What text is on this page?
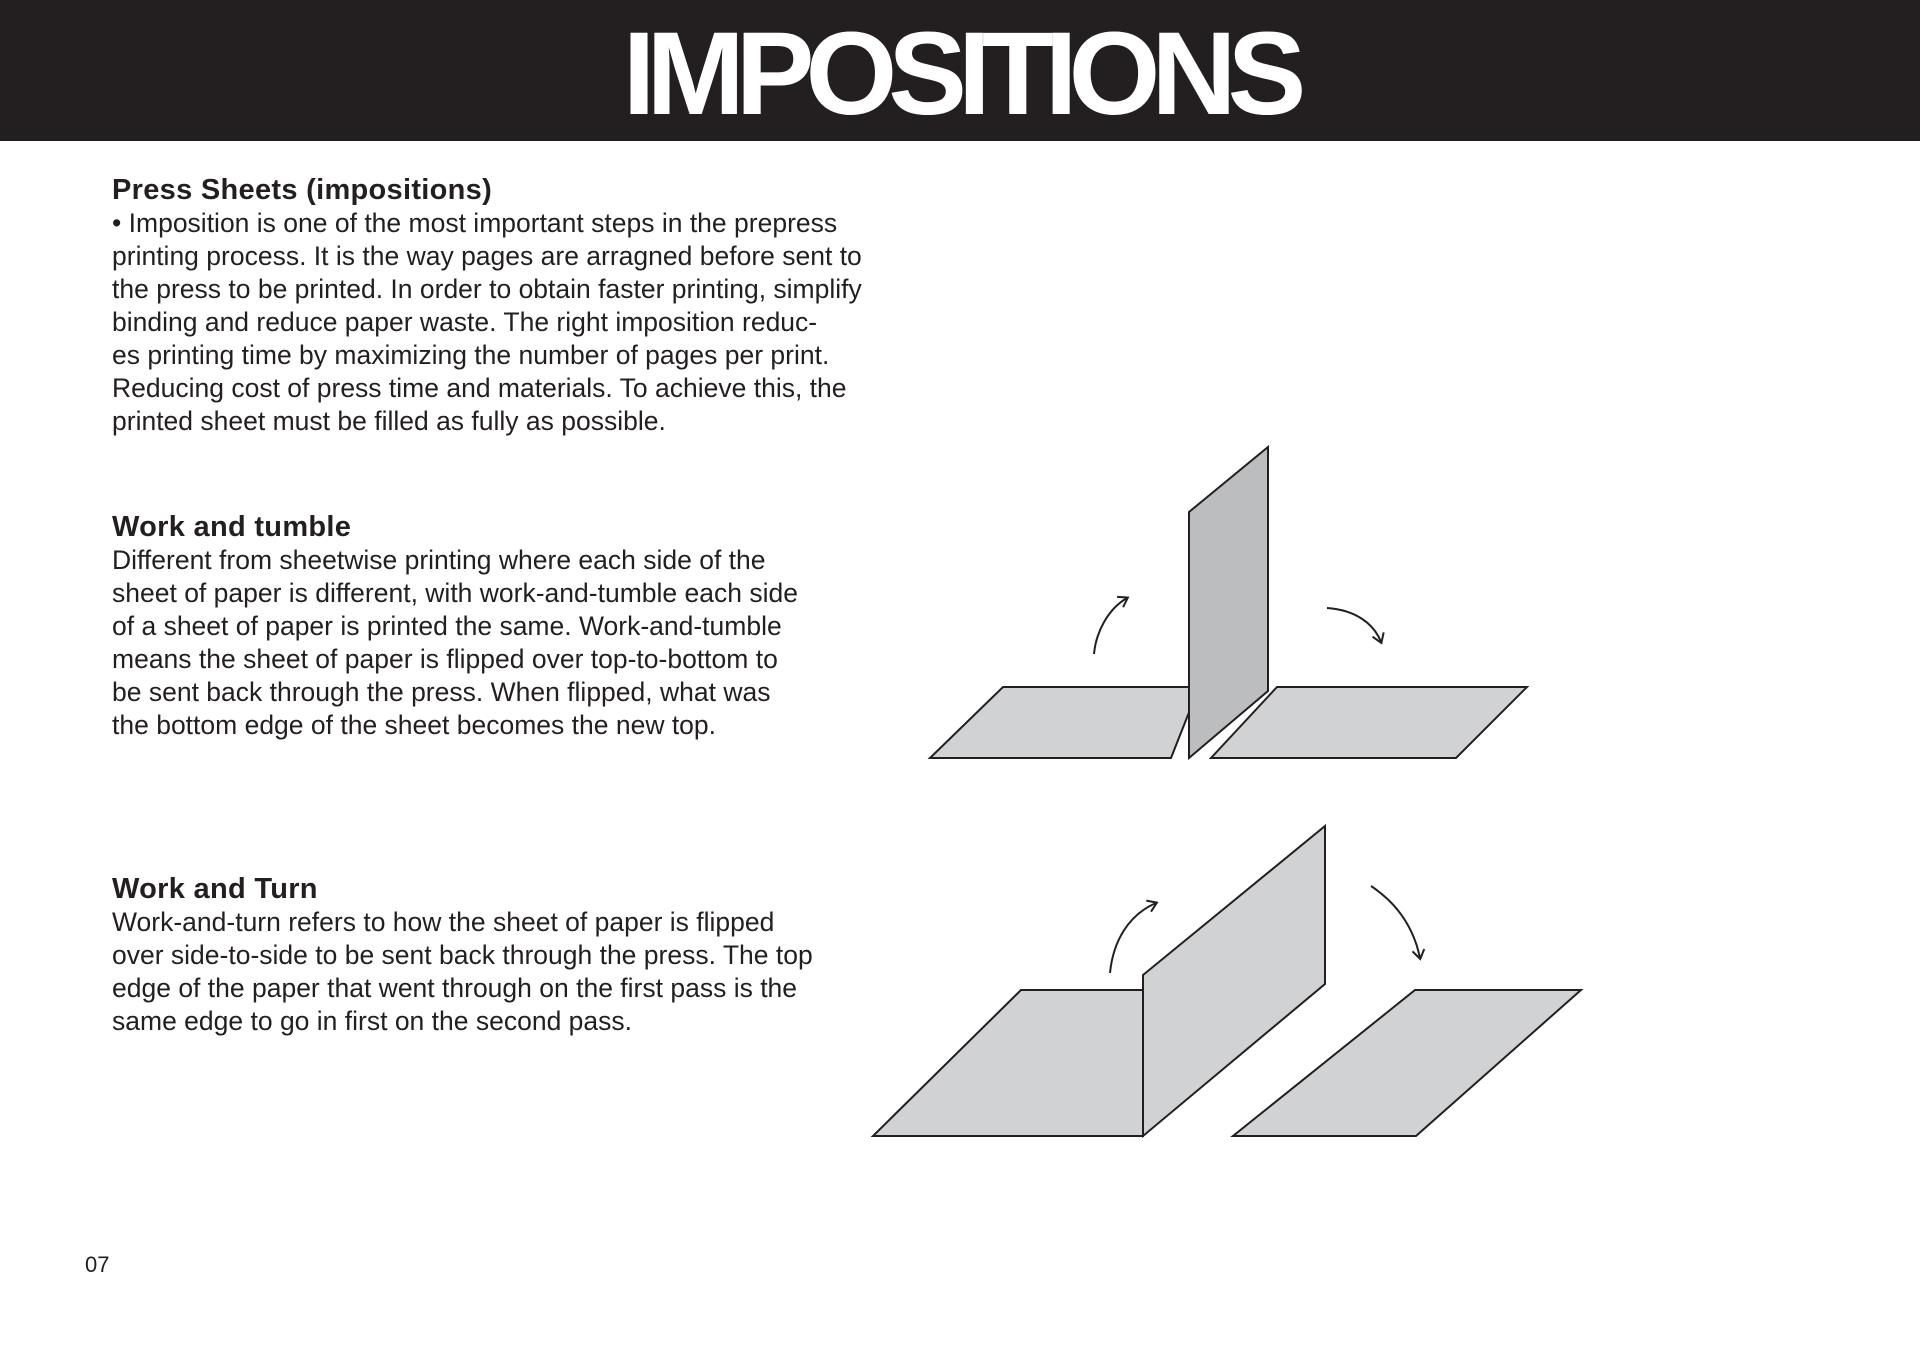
IMPOSITIONS
Press Sheets (impositions)

• Imposition is one of the most important steps in the prepress
printing process. It is the way pages are arragned before sent to
the press to be printed. In order to obtain faster printing, simplify
binding and reduce paper waste. The right imposition reduc-
es printing time by maximizing the number of pages per print.
Reducing cost of press time and materials. To achieve this, the
printed sheet must be filled as fully as possible.

Work and tumble

Different from sheetwise printing where each side of the
sheet of paper is different, with work-and-tumble each side
of a sheet of paper is printed the same. Work-and-tumble
means the sheet of paper is flipped over top-to-bottom to
be sent back through the press. When flipped, what was
the bottom edge of the sheet becomes the new top.

Work and Turn

Work-and-turn refers to how the sheet of paper is flipped
over side-to-side to be sent back through the press. The top
edge of the paper that went through on the first pass is the
same edge to go in first on the second pass.

07
